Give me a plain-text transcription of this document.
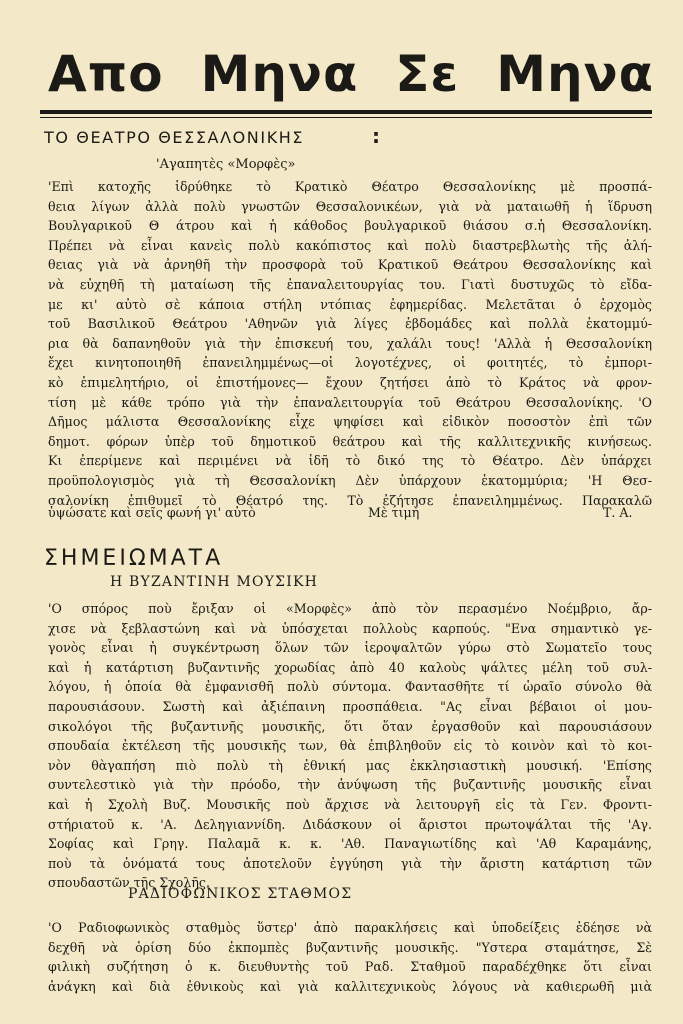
Απο Μηνα Σε Μηνα
ΤΟ ΘΕΑΤΡΟ ΘΕΣΣΑΛΟΝΙΚΗΣ	:
'Αγαπητὲς «Μορφὲς»
'Επὶ κατοχῆς ἱδρύθηκε τὸ Κρατικὸ Θέατρο Θεσσαλονίκης μὲ προσπά-
θεια λίγων ἀλλὰ πολὺ γνωστῶν Θεσσαλονικέων, γιὰ νὰ ματαιωθῆ ἡ ἵδρυση
Βουλγαρικοῦ Θ άτρου καὶ ἡ κάθοδος βουλγαρικοῦ θιάσου σ.ἡ Θεσσαλονίκη.
Πρέπει νὰ εἶναι κανεὶς πολὺ κακόπιστος καὶ πολὺ διαστρεβλωτὴς τῆς ἀλή-
θειας γιὰ νὰ ἀρνηθῆ τὴν προσφορὰ τοῦ Κρατικοῦ Θεάτρου Θεσσαλονίκης καὶ
νὰ εὐχηθῆ τὴ ματαίωση τῆς ἐπαναλειτουργίας του. Γιατὶ δυστυχῶς τὸ εἴδα-
με κι' αὐτὸ σὲ κάποια στήλη ντόπιας ἐφημερίδας. Μελετᾶται ὁ ἐρχομὸς
τοῦ Βασιλικοῦ Θεάτρου 'Αθηνῶν γιὰ λίγες ἑβδομάδες καὶ πολλὰ ἑκατομμύ-
ρια θὰ δαπανηθοῦν γιὰ τὴν ἐπισκευή του, χαλάλι τους! 'Αλλὰ ἡ Θεσσαλονίκη
ἔχει κινητοποιηθῆ ἐπανειλημμένως—οἱ λογοτέχνες, οἱ φοιτητές, τὸ ἐμπορι-
κὸ ἐπιμελητήριο, οἱ ἐπιστήμονες— ἔχουν ζητήσει ἀπὸ τὸ Κράτος νὰ φρον-
τίση μὲ κάθε τρόπο γιὰ τὴν ἐπαναλειτουργία τοῦ Θεάτρου Θεσσαλονίκης. 'Ο
Δῆμος μάλιστα Θεσσαλονίκης εἶχε ψηφίσει καὶ εἰδικὸν ποσοστὸν ἐπὶ τῶν
δημοτ. φόρων ὑπὲρ τοῦ δημοτικοῦ θεάτρου καὶ τῆς καλλιτεχνικῆς κινήσεως.
Κι ἐπερίμενε καὶ περιμένει νὰ ἰδῆ τὸ δικό της τὸ Θέατρο. Δὲν ὑπάρχει
προϋπολογισμὸς γιὰ τὴ Θεσσαλονίκη Δὲν ὑπάρχουν ἑκατομμύρια; 'Η Θεσ-
σαλονίκη ἐπιθυμεῖ τὸ Θέατρό της. Τὸ ἐζήτησε ἐπανειλημμένως. Παρακαλῶ
ὑψώσατε καὶ σεῖς φωνή γι' αὐτὸ	Μὲ τιμὴ	Τ. Α.
ΣΗΜΕΙΩΜΑΤΑ
Η ΒΥΖΑΝΤΙΝΗ ΜΟΥΣΙΚΗ
'Ο σπόρος ποὺ ἔριξαν οἱ «Μορφὲς» ἀπὸ τὸν περασμένο Νοέμβριο, ἄρ-
χισε νὰ ξεβλαστώνη καὶ νὰ ὑπόσχεται πολλοὺς καρπούς. "Ενα σημαντικὸ γε-
γονὸς εἶναι ἡ συγκέντρωση ὅλων τῶν ἱεροψαλτῶν γύρω στὸ Σωματεῖο τους
καὶ ἡ κατάρτιση βυζαντινῆς χορωδίας ἀπὸ 40 καλοὺς ψάλτες μέλη τοῦ συλ-
λόγου, ἡ ὁποία θὰ ἐμφανισθῆ πολὺ σύντομα. Φαντασθῆτε τί ὡραῖο σύνολο θὰ
παρουσιάσουν. Σωστὴ καὶ ἀξιέπαινη προσπάθεια. "Ας εἶναι βέβαιοι οἱ μου-
σικολόγοι τῆς βυζαντινῆς μουσικῆς, ὅτι ὅταν ἐργασθοῦν καὶ παρουσιάσουν
σπουδαία ἐκτέλεση τῆς μουσικῆς των, θὰ ἐπιβληθοῦν εἰς τὸ κοινὸν καὶ τὸ κοι-
νὸν θὰγαπήση πιὸ πολὺ τὴ ἐθνική μας ἐκκλησιαστικὴ μουσική. 'Επίσης
συντελεστικὸ γιὰ τὴν πρόοδο, τὴν ἀνύψωση τῆς βυζαντινῆς μουσικῆς εἶναι
καὶ ἡ Σχολὴ Βυζ. Μουσικῆς ποὺ ἄρχισε νὰ λειτουργῆ εἰς τὰ Γεν. Φροντι-
στήριατοῦ κ. 'Α. Δεληγιαννίδη. Διδάσκουν οἱ ἄριστοι πρωτοψάλται τῆς 'Αγ.
Σοφίας καὶ Γρηγ. Παλαμᾶ κ. κ. 'Αθ. Παναγιωτίδης καὶ 'Αθ Καραμάνης,
ποὺ τὰ ὀνόματά τους ἀποτελοῦν ἐγγύηση γιὰ τὴν ἄριστη κατάρτιση τῶν
σπουδαστῶν τῆς Σχολῆς.
ΡΑΔΙΟΦΩΝΙΚΟΣ ΣΤΑΘΜΟΣ
'Ο Ραδιοφωνικὸς σταθμὸς ὕστερ' ἀπὸ παρακλήσεις καὶ ὑποδείξεις ἐδέησε νὰ
δεχθῆ νὰ ὁρίση δύο ἐκπομπὲς βυζαντινῆς μουσικῆς. "Υστερα σταμάτησε, Σὲ
φιλικὴ συζήτηση ὁ κ. διευθυντὴς τοῦ Ραδ. Σταθμοῦ παραδέχθηκε ὅτι εἶναι
ἀνάγκη καὶ διὰ ἐθνικοὺς καὶ γιὰ καλλιτεχνικοὺς λόγους νὰ καθιερωθῆ μιὰ
